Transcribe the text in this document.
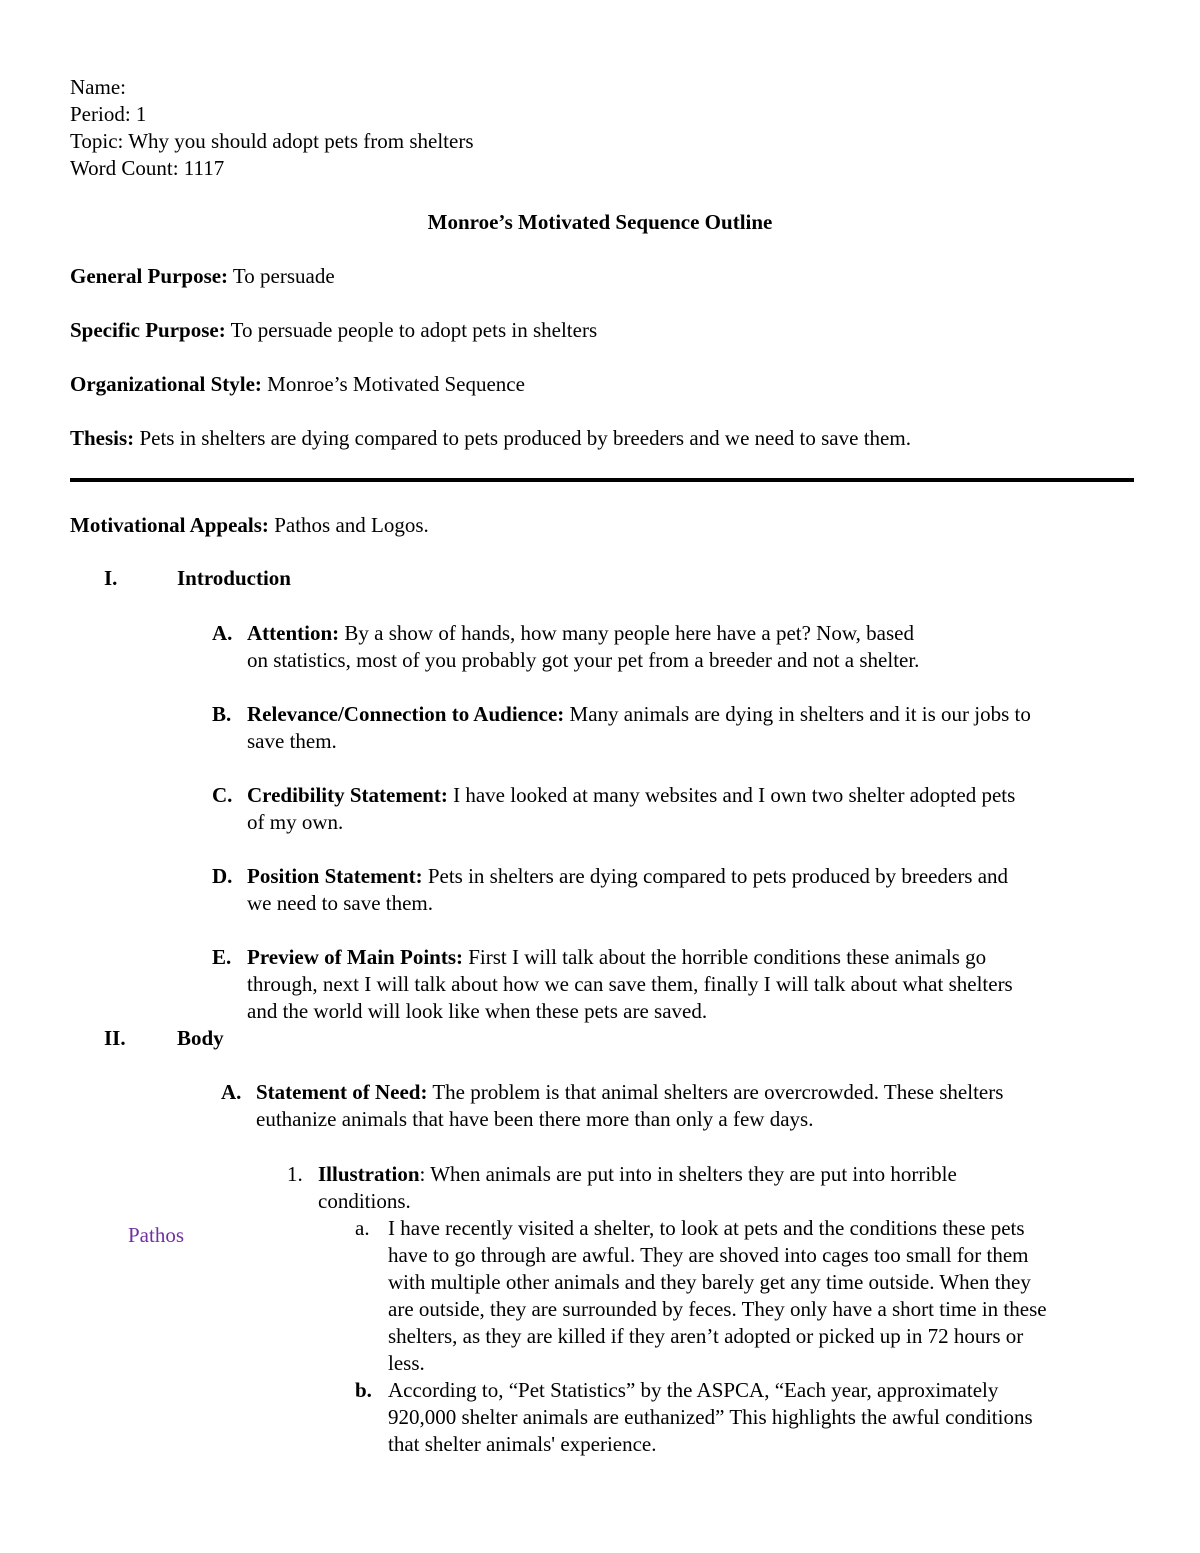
Name:
Period: 1
Topic: Why you should adopt pets from shelters
Word Count: 1117
Monroe’s Motivated Sequence Outline
General Purpose: To persuade
Specific Purpose: To persuade people to adopt pets in shelters
Organizational Style: Monroe’s Motivated Sequence
Thesis: Pets in shelters are dying compared to pets produced by breeders and we need to save them.
Motivational Appeals: Pathos and Logos.
I.	Introduction
A. Attention: By a show of hands, how many people here have a pet? Now, based
on statistics, most of you probably got your pet from a breeder and not a shelter.
B. Relevance/Connection to Audience: Many animals are dying in shelters and it is our jobs to
save them.
C. Credibility Statement: I have looked at many websites and I own two shelter adopted pets
of my own.
D. Position Statement: Pets in shelters are dying compared to pets produced by breeders and
we need to save them.
E. Preview of Main Points: First I will talk about the horrible conditions these animals go
through, next I will talk about how we can save them, finally I will talk about what shelters
and the world will look like when these pets are saved.
II. Body
A. Statement of Need: The problem is that animal shelters are overcrowded. These shelters
euthanize animals that have been there more than only a few days.
1. Illustration: When animals are put into in shelters they are put into horrible
conditions.
Pathos	a. I have recently visited a shelter, to look at pets and the conditions these pets
have to go through are awful. They are shoved into cages too small for them
with multiple other animals and they barely get any time outside. When they
are outside, they are surrounded by feces. They only have a short time in these
shelters, as they are killed if they aren’t adopted or picked up in 72 hours or
less.
b. According to, “Pet Statistics” by the ASPCA, “Each year, approximately
920,000 shelter animals are euthanized” This highlights the awful conditions
that shelter animals' experience.
